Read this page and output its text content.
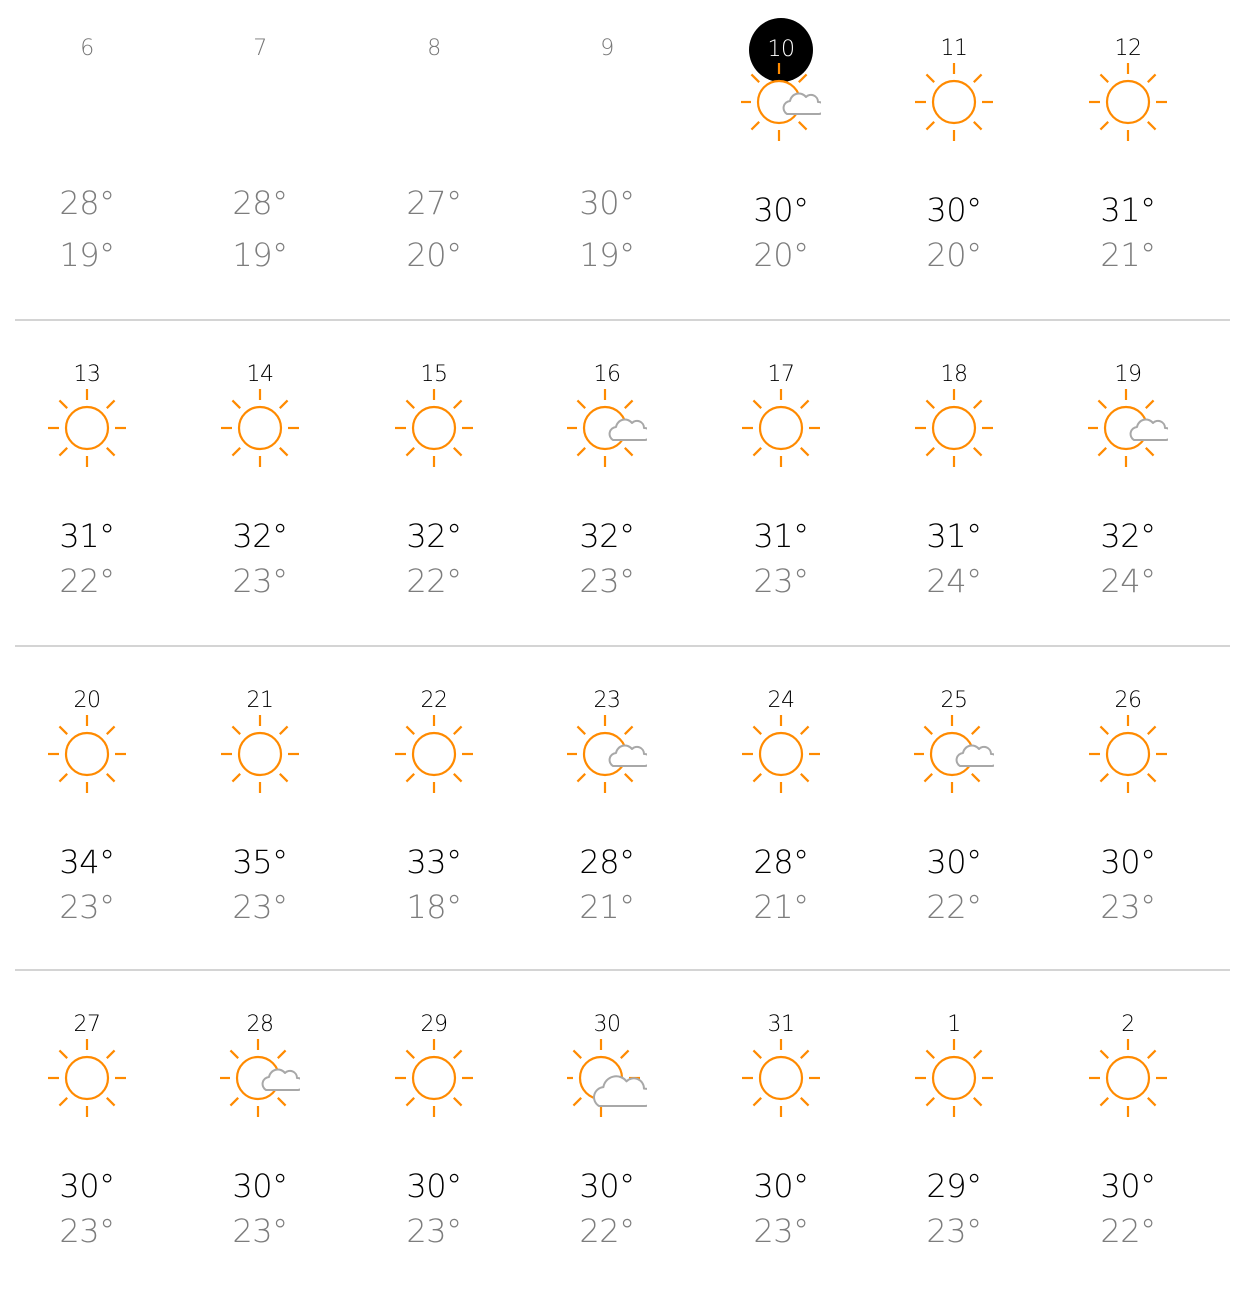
6
28°
19°
7
28°
19°
8
27°
20°
9
30°
19°
10
30°
20°
11
30°
20°
12
31°
21°
13
31°
22°
14
32°
23°
15
32°
22°
16
32°
23°
17
31°
23°
18
31°
24°
19
32°
24°
20
34°
23°
21
35°
23°
22
33°
18°
23
28°
21°
24
28°
21°
25
30°
22°
26
30°
23°
27
30°
23°
28
30°
23°
29
30°
23°
30
30°
22°
31
30°
23°
1
29°
23°
2
30°
22°
